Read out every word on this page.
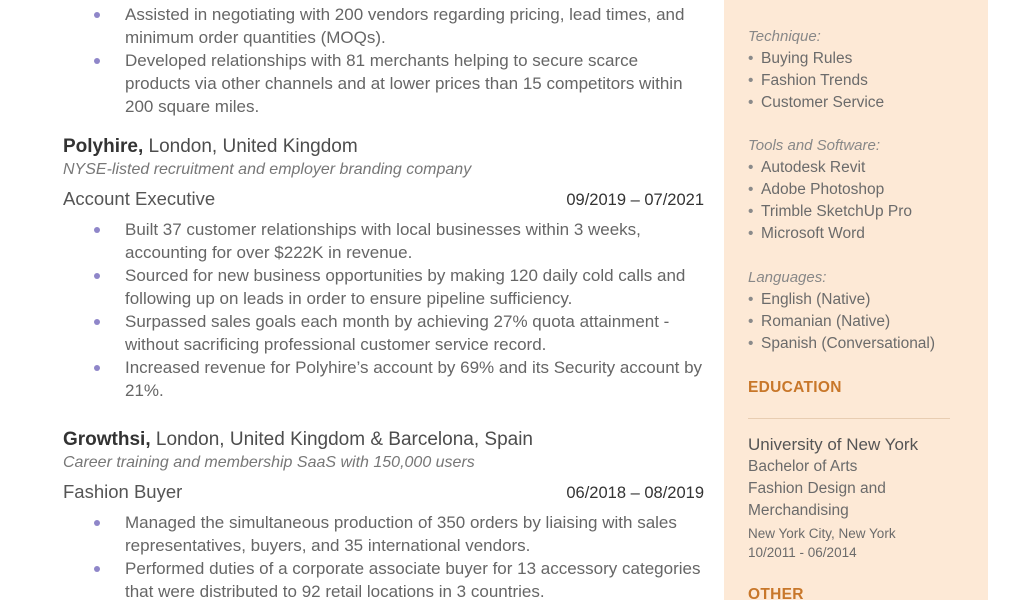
Assisted in negotiating with 200 vendors regarding pricing, lead times, and minimum order quantities (MOQs).
Developed relationships with 81 merchants helping to secure scarce products via other channels and at lower prices than 15 competitors within 200 square miles.
Polyhire, London, United Kingdom
NYSE-listed recruitment and employer branding company
Account Executive	09/2019 – 07/2021
Built 37 customer relationships with local businesses within 3 weeks, accounting for over $222K in revenue.
Sourced for new business opportunities by making 120 daily cold calls and following up on leads in order to ensure pipeline sufficiency.
Surpassed sales goals each month by achieving 27% quota attainment - without sacrificing professional customer service record.
Increased revenue for Polyhire’s account by 69% and its Security account by 21%.
Growthsi, London, United Kingdom & Barcelona, Spain
Career training and membership SaaS with 150,000 users
Fashion Buyer	06/2018 – 08/2019
Managed the simultaneous production of 350 orders by liaising with sales representatives, buyers, and 35 international vendors.
Performed duties of a corporate associate buyer for 13 accessory categories that were distributed to 92 retail locations in 3 countries.
Technique:
• Buying Rules
• Fashion Trends
• Customer Service
Tools and Software:
• Autodesk Revit
• Adobe Photoshop
• Trimble SketchUp Pro
• Microsoft Word
Languages:
• English (Native)
• Romanian (Native)
• Spanish (Conversational)
EDUCATION
University of New York
Bachelor of Arts
Fashion Design and Merchandising
New York City, New York
10/2011 - 06/2014
OTHER
